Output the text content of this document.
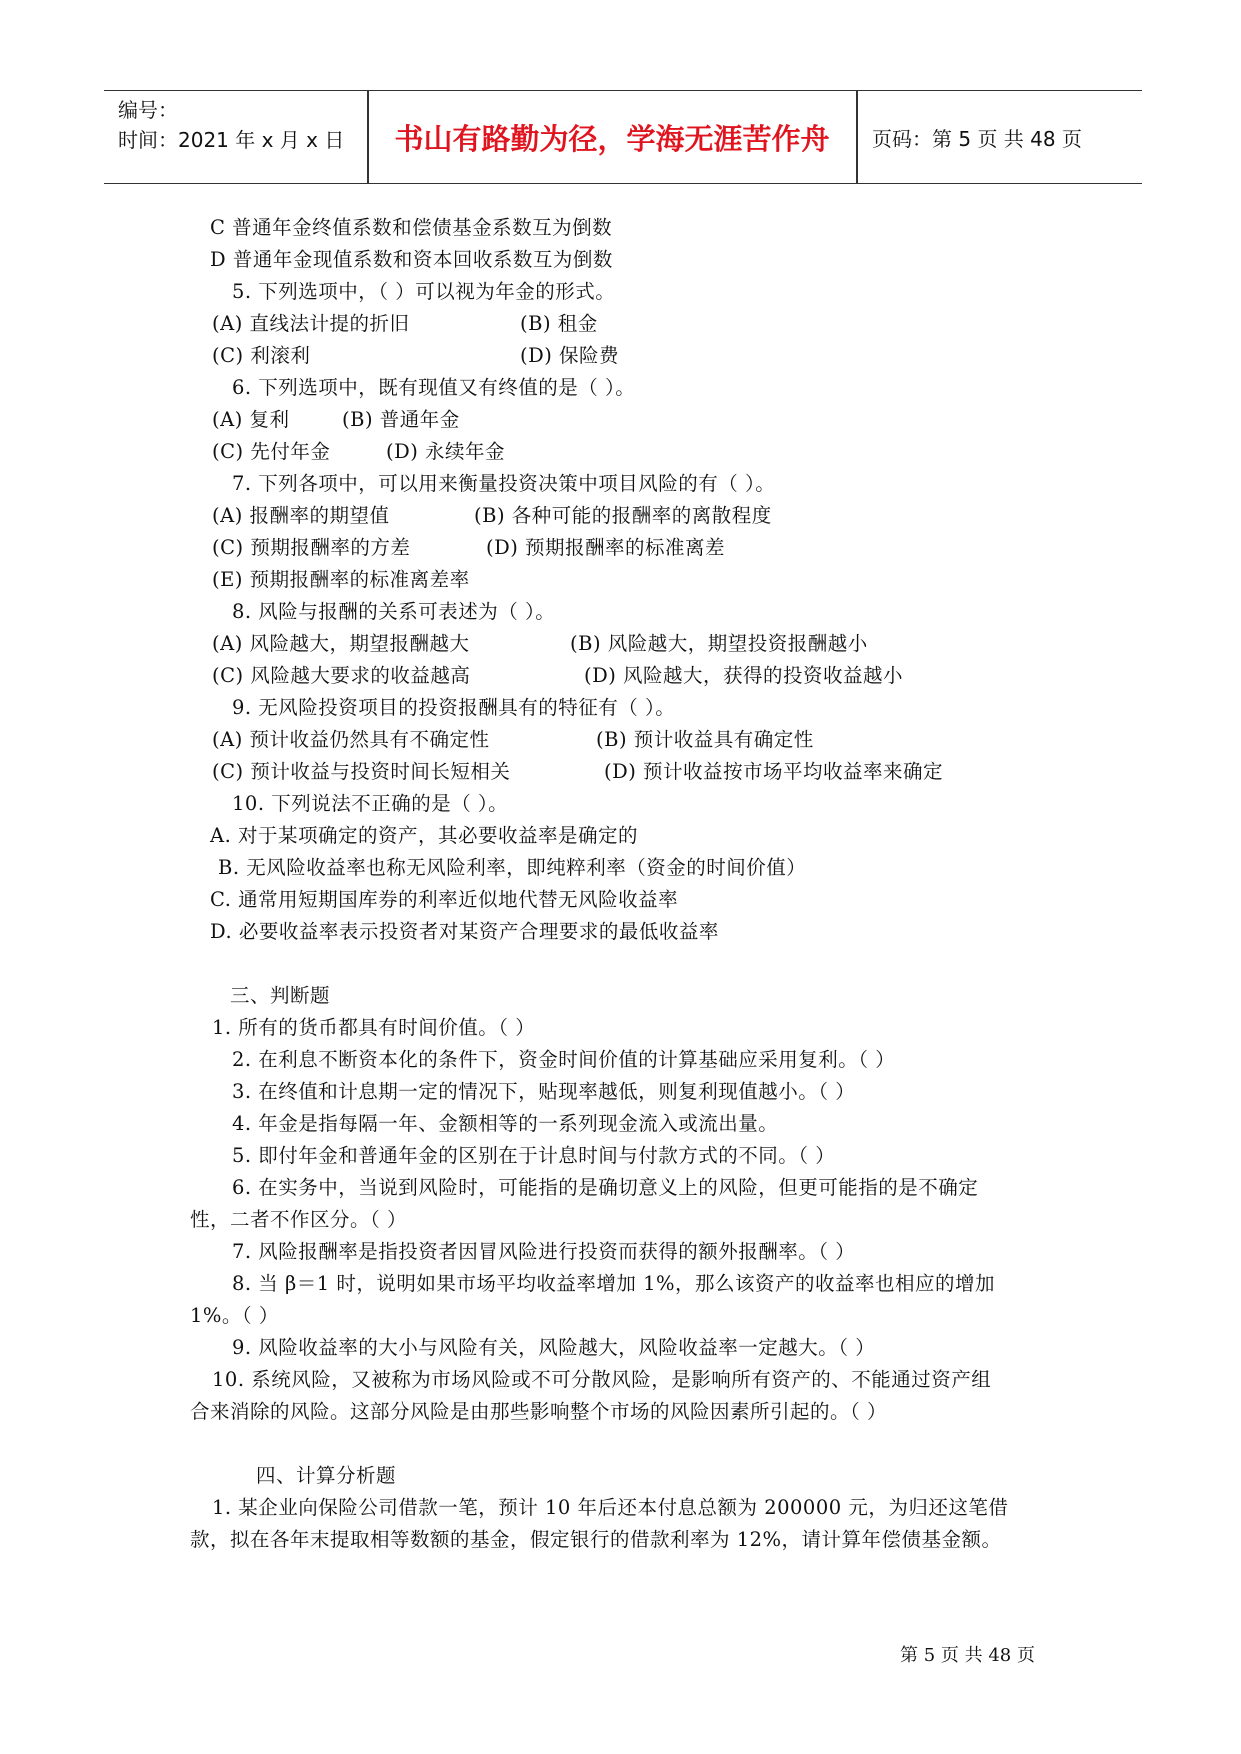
编号：
时间：2021 年 x 月 x 日	书山有路勤为径，学海无涯苦作舟	页码：第 5 页 共 48 页
C 普通年金终值系数和偿债基金系数互为倒数
D 普通年金现值系数和资本回收系数互为倒数
5. 下列选项中，（ ）可以视为年金的形式。
(A) 直线法计提的折旧	(B) 租金
(C) 利滚利	(D) 保险费
6. 下列选项中，既有现值又有终值的是（ ）。
(A) 复利	(B) 普通年金
(C) 先付年金	(D) 永续年金
7. 下列各项中，可以用来衡量投资决策中项目风险的有（ ）。
(A) 报酬率的期望值	(B) 各种可能的报酬率的离散程度
(C) 预期报酬率的方差	(D) 预期报酬率的标准离差
(E) 预期报酬率的标准离差率
8. 风险与报酬的关系可表述为（ ）。
(A) 风险越大，期望报酬越大	(B) 风险越大，期望投资报酬越小
(C) 风险越大要求的收益越高	(D) 风险越大，获得的投资收益越小
9. 无风险投资项目的投资报酬具有的特征有（ ）。
(A) 预计收益仍然具有不确定性	(B) 预计收益具有确定性
(C) 预计收益与投资时间长短相关	(D) 预计收益按市场平均收益率来确定
10. 下列说法不正确的是（ ）。
A. 对于某项确定的资产，其必要收益率是确定的
B. 无风险收益率也称无风险利率，即纯粹利率（资金的时间价值）
C. 通常用短期国库券的利率近似地代替无风险收益率
D. 必要收益率表示投资者对某资产合理要求的最低收益率
三、判断题
1. 所有的货币都具有时间价值。（ ）
2. 在利息不断资本化的条件下，资金时间价值的计算基础应采用复利。（ ）
3. 在终值和计息期一定的情况下，贴现率越低，则复利现值越小。（ ）
4. 年金是指每隔一年、金额相等的一系列现金流入或流出量。
5. 即付年金和普通年金的区别在于计息时间与付款方式的不同。（ ）
6. 在实务中，当说到风险时，可能指的是确切意义上的风险，但更可能指的是不确定
性，二者不作区分。（ ）
7. 风险报酬率是指投资者因冒风险进行投资而获得的额外报酬率。（ ）
8. 当 β＝1 时，说明如果市场平均收益率增加 1%，那么该资产的收益率也相应的增加
1%。（ ）
9. 风险收益率的大小与风险有关，风险越大，风险收益率一定越大。（ ）
10. 系统风险，又被称为市场风险或不可分散风险，是影响所有资产的、不能通过资产组
合来消除的风险。这部分风险是由那些影响整个市场的风险因素所引起的。（ ）
四、计算分析题
1. 某企业向保险公司借款一笔，预计 10 年后还本付息总额为 200000 元，为归还这笔借
款，拟在各年末提取相等数额的基金，假定银行的借款利率为 12%，请计算年偿债基金额。
第 5 页 共 48 页
